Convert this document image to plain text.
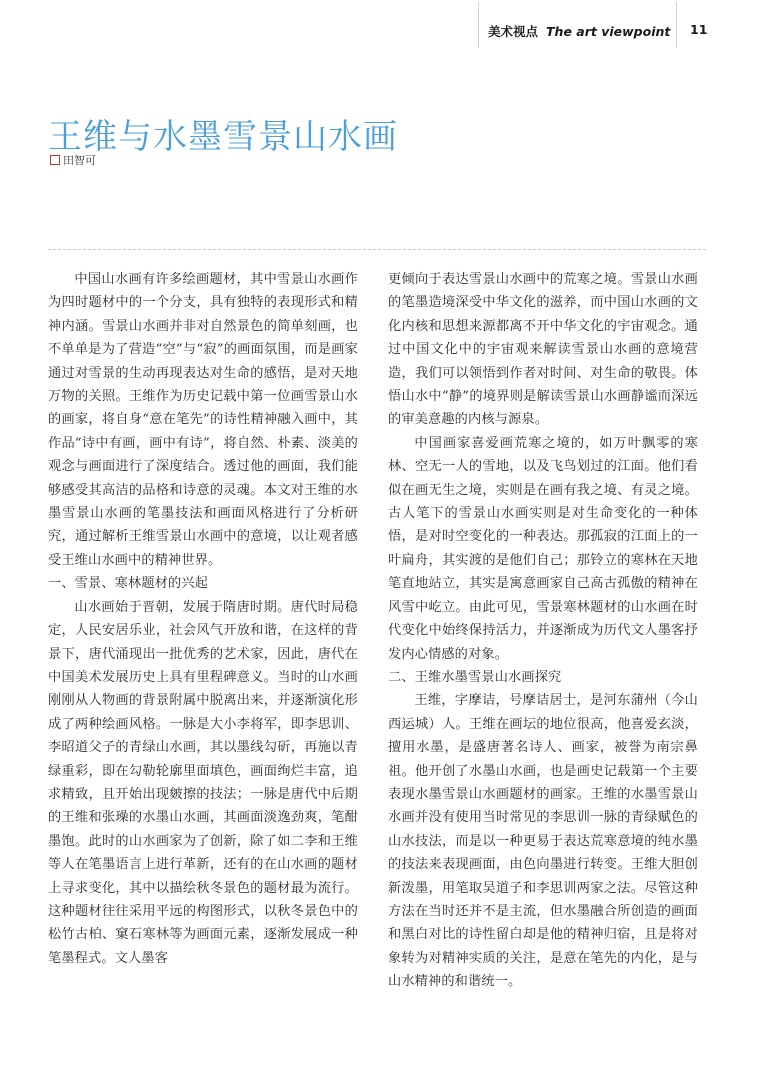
美术视点 The art viewpoint 11
王维与水墨雪景山水画
田智可

中国山水画有许多绘画题材，其中雪景山水画作为四时题材中的一个分支，具有独特的表现形式和精神内涵。雪景山水画并非对自然景色的简单刻画，也不单单是为了营造“空”与“寂”的画面氛围，而是画家通过对雪景的生动再现表达对生命的感悟，是对天地万物的关照。王维作为历史记载中第一位画雪景山水的画家，将自身“意在笔先”的诗性精神融入画中，其作品“诗中有画，画中有诗”，将自然、朴素、淡美的观念与画面进行了深度结合。透过他的画面，我们能够感受其高洁的品格和诗意的灵魂。本文对王维的水墨雪景山水画的笔墨技法和画面风格进行了分析研究，通过解析王维雪景山水画中的意境，以让观者感受王维山水画中的精神世界。

一、雪景、寒林题材的兴起

山水画始于晋朝，发展于隋唐时期。唐代时局稳定，人民安居乐业，社会风气开放和谐，在这样的背景下，唐代涌现出一批优秀的艺术家，因此，唐代在中国美术发展历史上具有里程碑意义。当时的山水画刚刚从人物画的背景附属中脱离出来，并逐渐演化形成了两种绘画风格。一脉是大小李将军，即李思训、李昭道父子的青绿山水画，其以墨线勾斫，再施以青绿重彩，即在勾勒轮廓里面填色，画面绚烂丰富，追求精致，且开始出现皴擦的技法；一脉是唐代中后期的王维和张璪的水墨山水画，其画面淡逸劲爽，笔酣墨饱。此时的山水画家为了创新，除了如二李和王维等人在笔墨语言上进行革新，还有的在山水画的题材上寻求变化，其中以描绘秋冬景色的题材最为流行。这种题材往往采用平远的构图形式，以秋冬景色中的松竹古柏、窠石寒林等为画面元素，逐渐发展成一种笔墨程式。文人墨客

更倾向于表达雪景山水画中的荒寒之境。雪景山水画的笔墨造境深受中华文化的滋养，而中国山水画的文化内核和思想来源都离不开中华文化的宇宙观念。通过中国文化中的宇宙观来解读雪景山水画的意境营造，我们可以领悟到作者对时间、对生命的敬畏。体悟山水中“静”的境界则是解读雪景山水画静谧而深远的审美意趣的内核与源泉。

中国画家喜爱画荒寒之境的，如万叶飘零的寒林、空无一人的雪地，以及飞鸟划过的江面。他们看似在画无生之境，实则是在画有我之境、有灵之境。古人笔下的雪景山水画实则是对生命变化的一种体悟，是对时空变化的一种表达。那孤寂的江面上的一叶扁舟，其实渡的是他们自己；那铃立的寒林在天地笔直地站立，其实是寓意画家自己高古孤傲的精神在风雪中屹立。由此可见，雪景寒林题材的山水画在时代变化中始终保持活力，并逐渐成为历代文人墨客抒发内心情感的对象。

二、王维水墨雪景山水画探究

王维，字摩诘，号摩诘居士，是河东蒲州（今山西运城）人。王维在画坛的地位很高，他喜爱玄淡，擅用水墨，是盛唐著名诗人、画家，被誉为南宗鼻祖。他开创了水墨山水画，也是画史记载第一个主要表现水墨雪景山水画题材的画家。王维的水墨雪景山水画并没有使用当时常见的李思训一脉的青绿赋色的山水技法，而是以一种更易于表达荒寒意境的纯水墨的技法来表现画面，由色向墨进行转变。王维大胆创新泼墨，用笔取吴道子和李思训两家之法。尽管这种方法在当时还并不是主流，但水墨融合所创造的画面和黑白对比的诗性留白却是他的精神归宿，且是将对象转为对精神实质的关注，是意在笔先的内化，是与山水精神的和谐统一。
